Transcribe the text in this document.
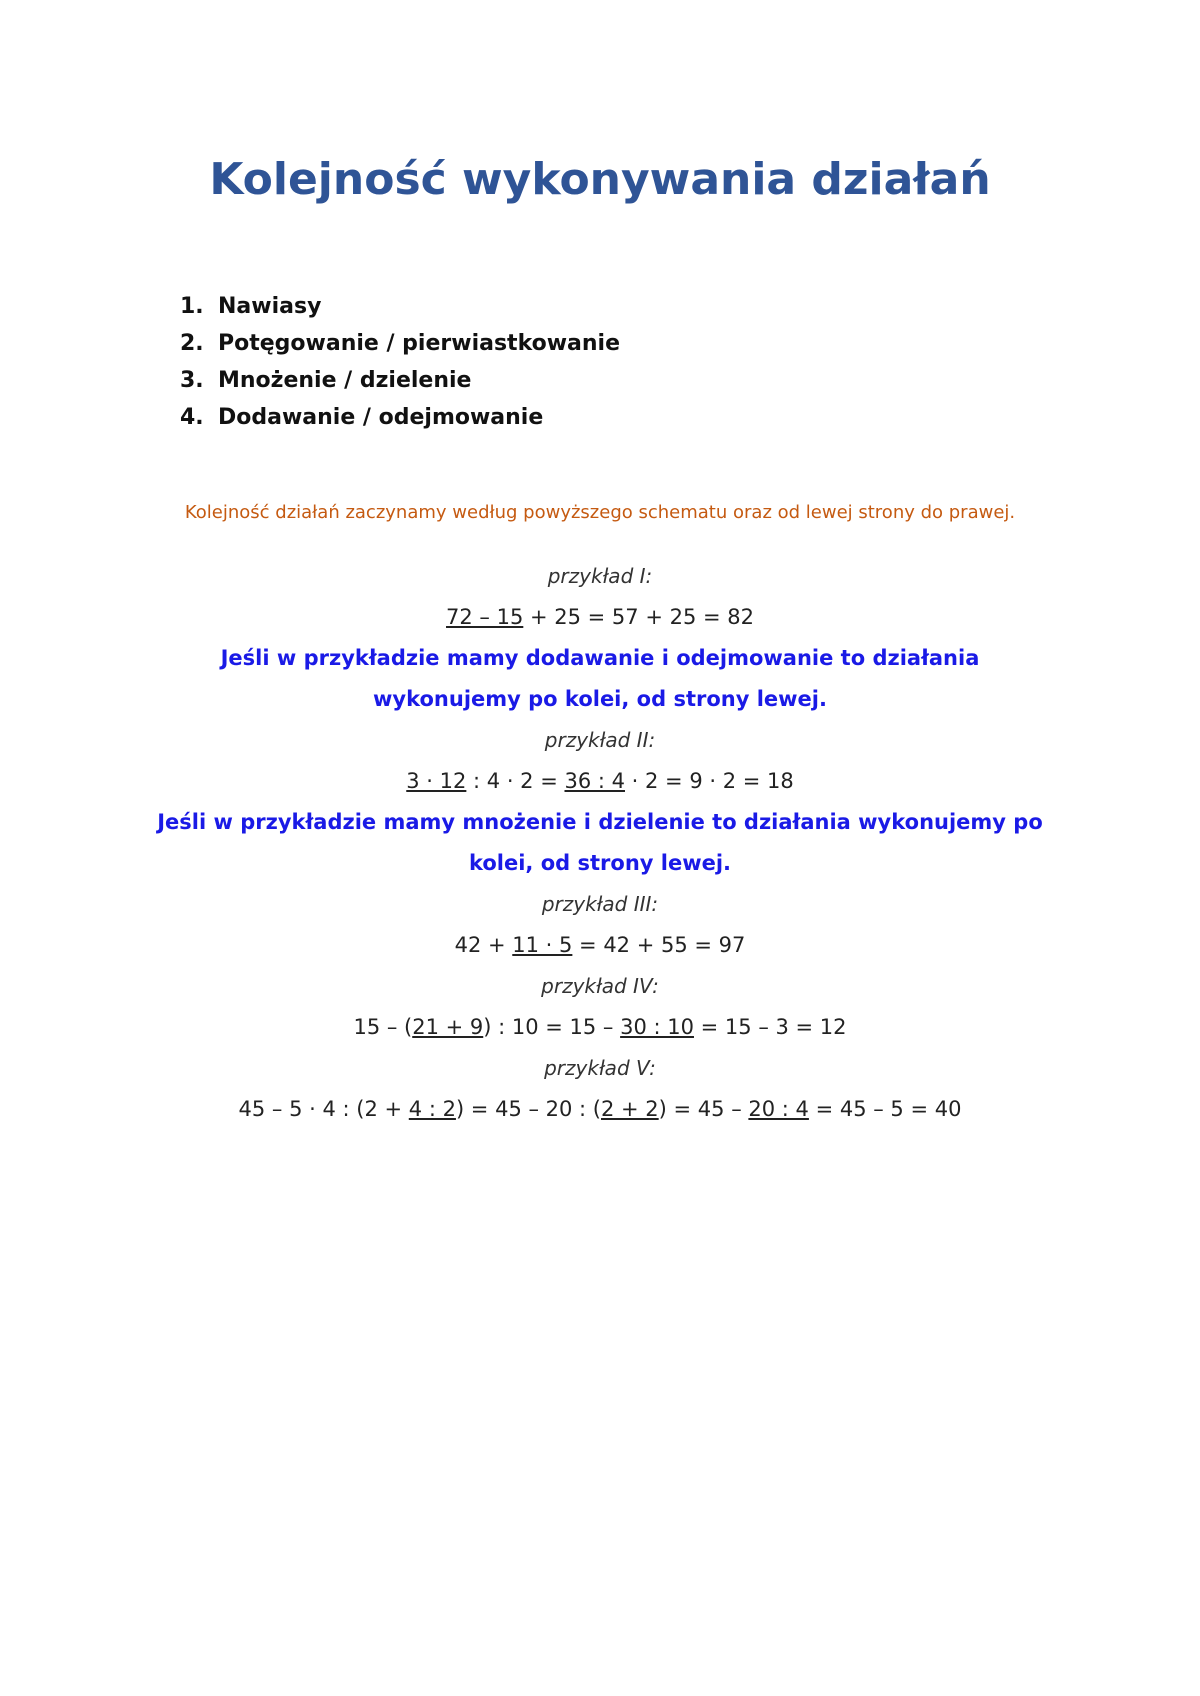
Kolejność wykonywania działań
1. Nawiasy
2. Potęgowanie / pierwiastkowanie
3. Mnożenie / dzielenie
4. Dodawanie / odejmowanie
Kolejność działań zaczynamy według powyższego schematu oraz od lewej strony do prawej.
przykład I:
72 – 15 + 25 = 57 + 25 = 82
Jeśli w przykładzie mamy dodawanie i odejmowanie to działania
wykonujemy po kolei, od strony lewej.
przykład II:
3 · 12 : 4 · 2 = 36 : 4 · 2 = 9 · 2 = 18
Jeśli w przykładzie mamy mnożenie i dzielenie to działania wykonujemy po
kolei, od strony lewej.
przykład III:
42 + 11 · 5 = 42 + 55 = 97
przykład IV:
15 – (21 + 9) : 10 = 15 – 30 : 10 = 15 – 3 = 12
przykład V:
45 – 5 · 4 : (2 + 4 : 2) = 45 – 20 : (2 + 2) = 45 – 20 : 4 = 45 – 5 = 40
